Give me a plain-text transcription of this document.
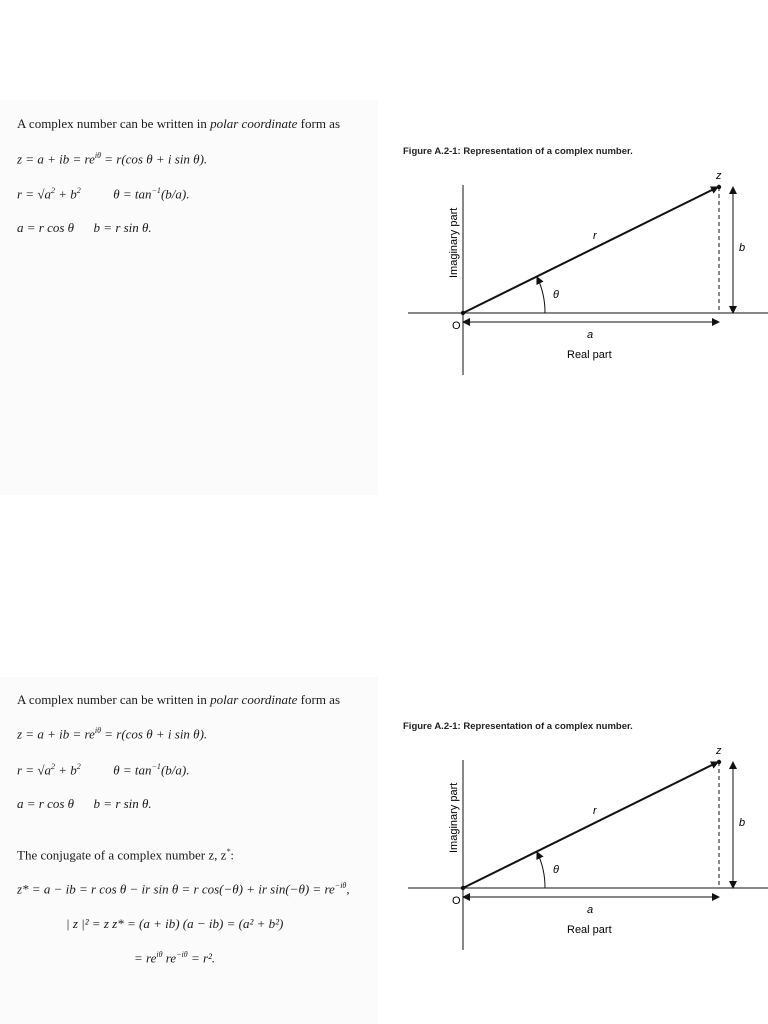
A complex number can be written in polar coordinate form as
z = a + ib = $re^{i\theta} = r(\cos$ θ + i sin θ).
$r = √a^2 + b^2$	$\theta = \tan^{-1}(b/a)$.
a = r cos θ      b = r sin θ.
Figure A.2-1: Representation of a complex number.
O
z
r
θ
b
a
Real part
Imaginary part
A complex number can be written in polar coordinate form as
z = a + ib = $re^{i\theta} = r(\cos$ θ + i sin θ).
$r = √a^2 + b^2$	$\theta = \tan^{-1}(b/a)$.
a = r cos θ      b = r sin θ.
The conjugate of a complex number z, z*:
z* = a − ib = r cos θ − ir sin θ = r cos(−θ) + ir $\sin(-\theta) = re^{-i\theta}$,
| z |² = z z* = (a + ib) (a − ib) = (a² + b²)
= $re^{i\theta}$ $re^{-i\theta} = r^2$.
Figure A.2-1: Representation of a complex number.
O
z
r
θ
b
a
Real part
Imaginary part
